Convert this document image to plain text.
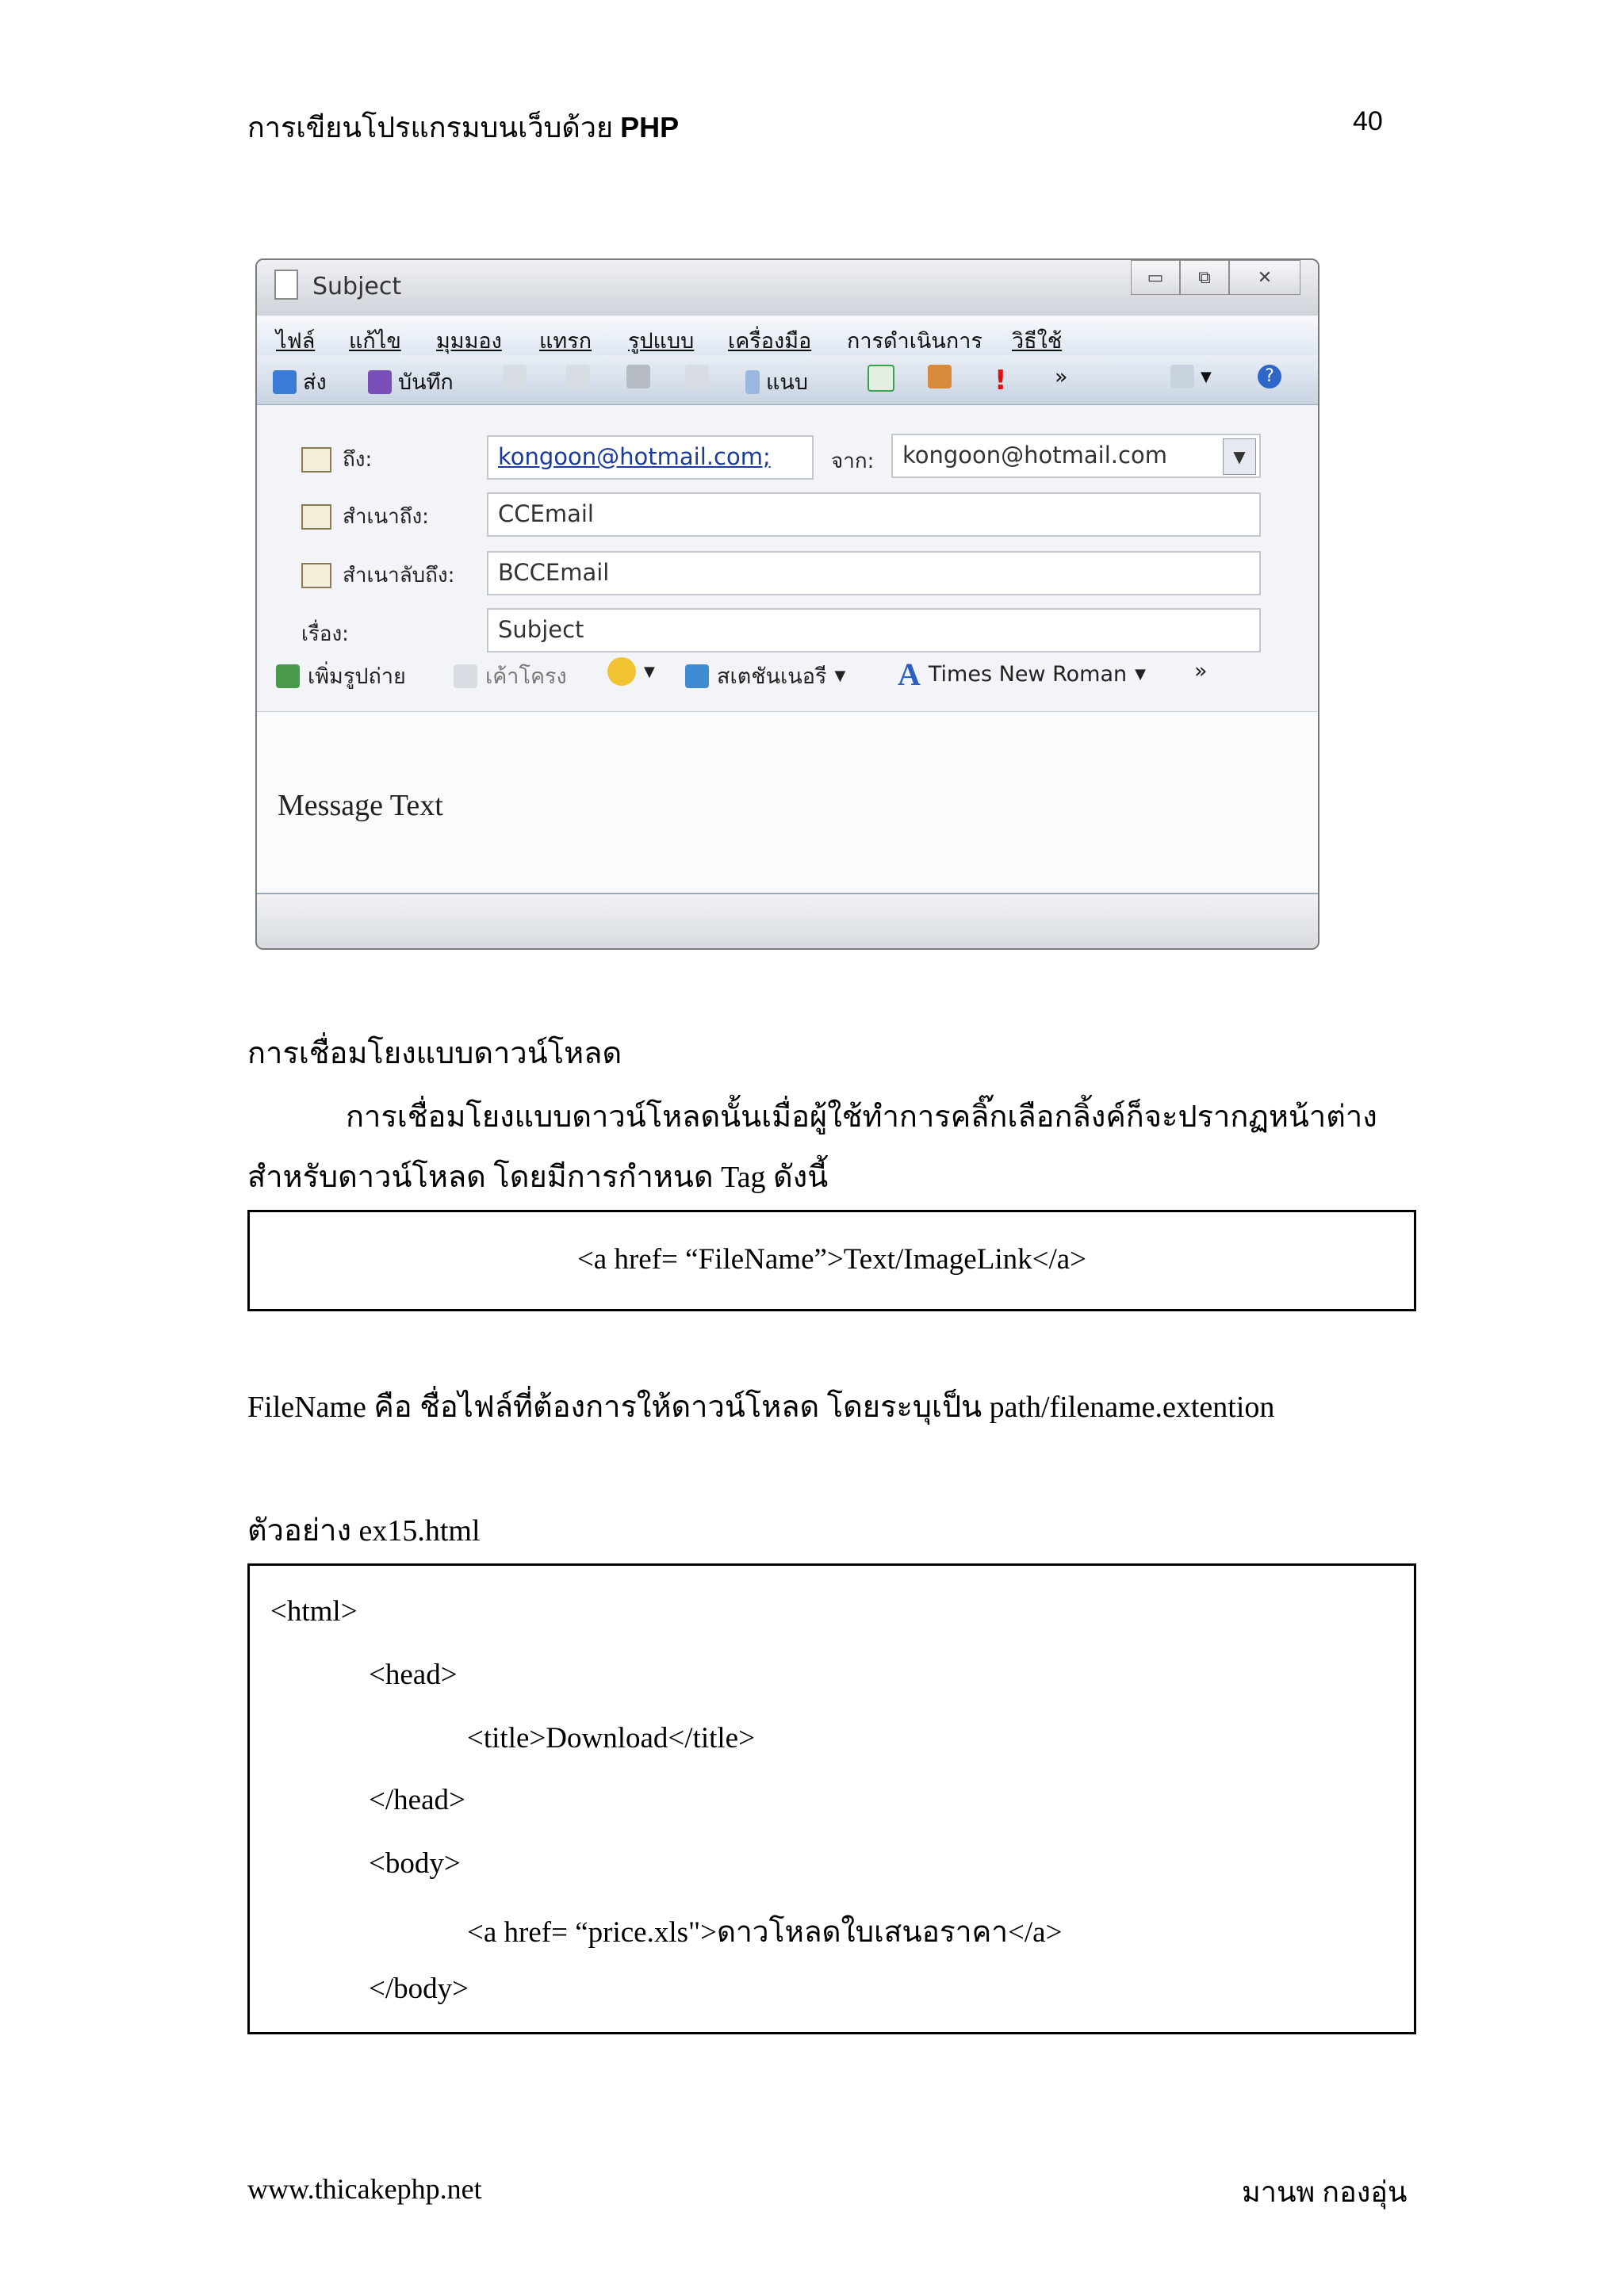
การเขียนโปรแกรมบนเว็บด้วย PHP	40
Subject	▭	⧉	✕
ไฟล์ แก้ไข มุมมอง แทรก รูปแบบ เครื่องมือ การดำเนินการ วิธีใช้
ส่ง	บันทึก	แนบ	! »	▼	?
ถึง:	kongoon@hotmail.com;	จาก:	kongoon@hotmail.com	▼
สำเนาถึง:	CCEmail
สำเนาลับถึง:	BCCEmail
เรื่อง:	Subject
เพิ่มรูปถ่าย	เค้าโครง	▼	สเตชันเนอรี ▼ A Times New Roman ▼ »
Message Text
การเชื่อมโยงแบบดาวน์โหลด
การเชื่อมโยงแบบดาวน์โหลดนั้นเมื่อผู้ใช้ทำการคลิ๊กเลือกลิ้งค์ก็จะปรากฏหน้าต่าง
สำหรับดาวน์โหลด โดยมีการกำหนด Tag ดังนี้
<a href= “FileName”>Text/ImageLink</a>
FileName คือ ชื่อไฟล์ที่ต้องการให้ดาวน์โหลด โดยระบุเป็น path/filename.extention
ตัวอย่าง ex15.html
<html>
<head>
<title>Download</title>
</head>
<body>
<a href= “price.xls">ดาวโหลดใบเสนอราคา</a>
</body>
www.thicakephp.net	มานพ กองอุ่น
